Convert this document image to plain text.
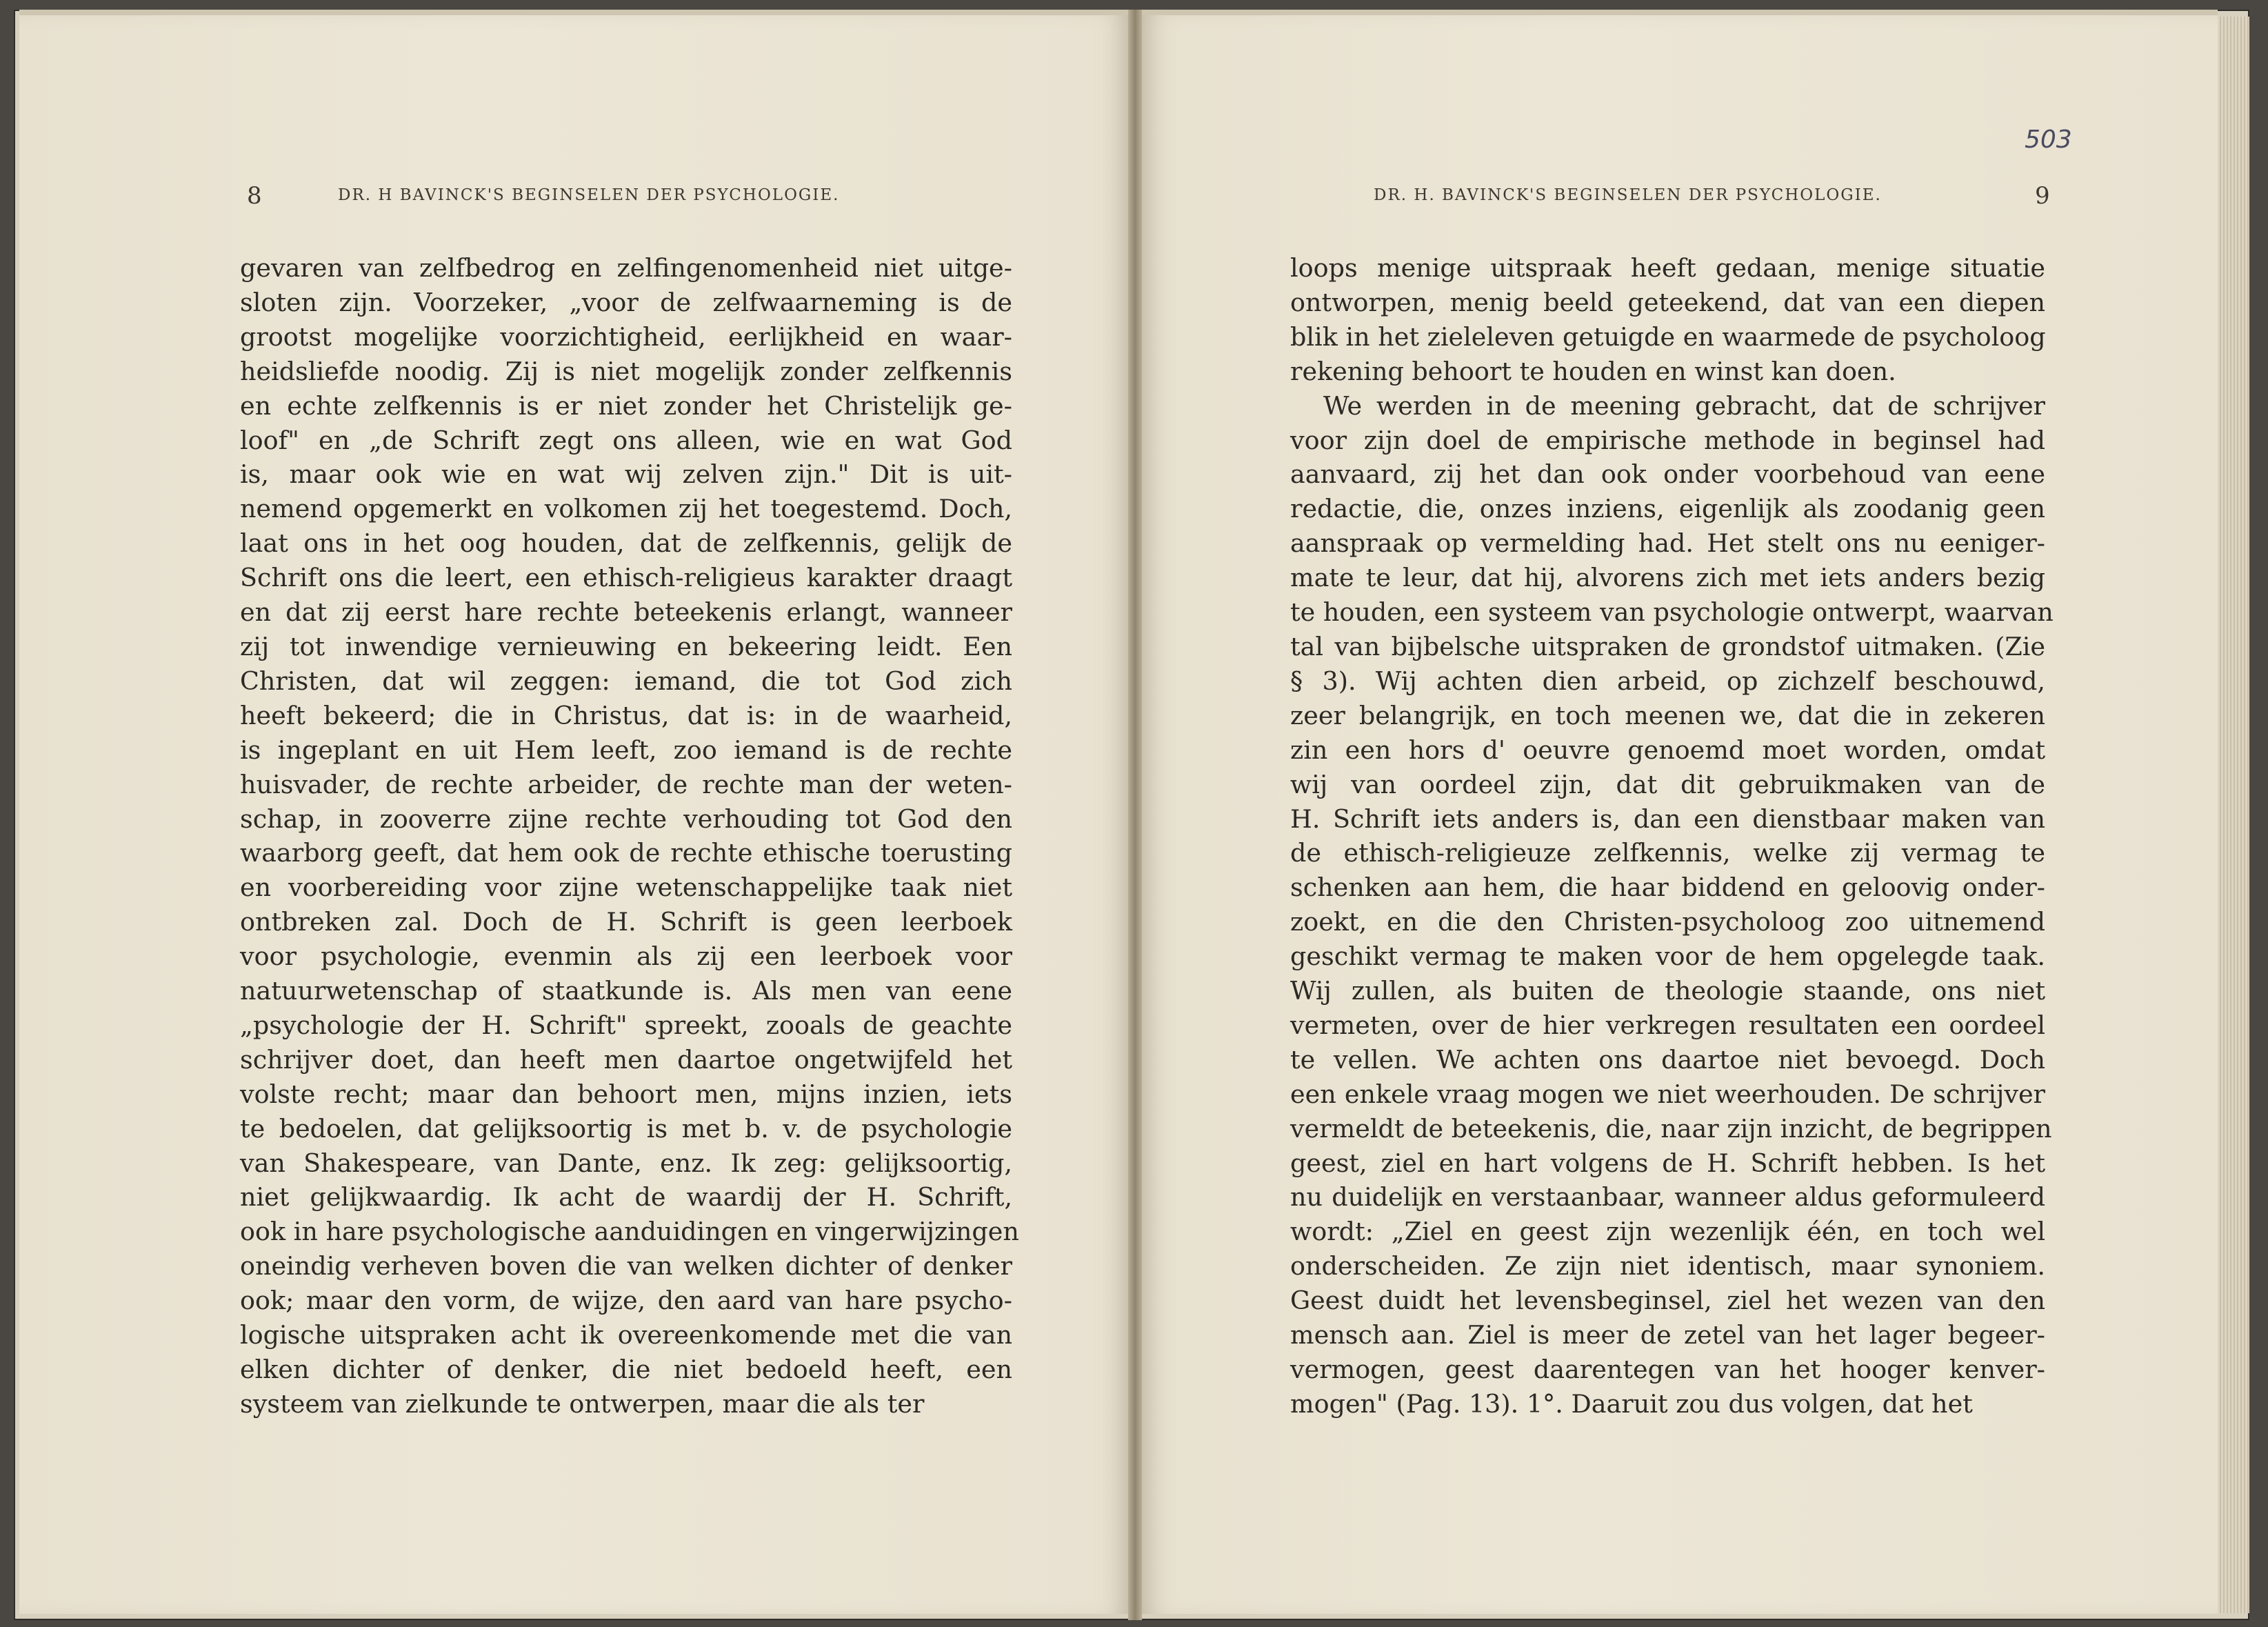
8	DR. H BAVINCK'S BEGINSELEN DER PSYCHOLOGIE.
gevaren van zelfbedrog en zelfingenomenheid niet uitge-
sloten zijn. Voorzeker, „voor de zelfwaarneming is de
grootst mogelijke voorzichtigheid, eerlijkheid en waar-
heidsliefde noodig. Zij is niet mogelijk zonder zelfkennis
en echte zelfkennis is er niet zonder het Christelijk ge-
loof" en „de Schrift zegt ons alleen, wie en wat God
is, maar ook wie en wat wij zelven zijn." Dit is uit-
nemend opgemerkt en volkomen zij het toegestemd. Doch,
laat ons in het oog houden, dat de zelfkennis, gelijk de
Schrift ons die leert, een ethisch-religieus karakter draagt
en dat zij eerst hare rechte beteekenis erlangt, wanneer
zij tot inwendige vernieuwing en bekeering leidt. Een
Christen, dat wil zeggen: iemand, die tot God zich
heeft bekeerd; die in Christus, dat is: in de waarheid,
is ingeplant en uit Hem leeft, zoo iemand is de rechte
huisvader, de rechte arbeider, de rechte man der weten-
schap, in zooverre zijne rechte verhouding tot God den
waarborg geeft, dat hem ook de rechte ethische toerusting
en voorbereiding voor zijne wetenschappelijke taak niet
ontbreken zal. Doch de H. Schrift is geen leerboek
voor psychologie, evenmin als zij een leerboek voor
natuurwetenschap of staatkunde is. Als men van eene
„psychologie der H. Schrift" spreekt, zooals de geachte
schrijver doet, dan heeft men daartoe ongetwijfeld het
volste recht; maar dan behoort men, mijns inzien, iets
te bedoelen, dat gelijksoortig is met b. v. de psychologie
van Shakespeare, van Dante, enz. Ik zeg: gelijksoortig,
niet gelijkwaardig. Ik acht de waardij der H. Schrift,
ook in hare psychologische aanduidingen en vingerwijzingen
oneindig verheven boven die van welken dichter of denker
ook; maar den vorm, de wijze, den aard van hare psycho-
logische uitspraken acht ik overeenkomende met die van
elken dichter of denker, die niet bedoeld heeft, een
systeem van zielkunde te ontwerpen, maar die als ter
503
DR. H. BAVINCK'S BEGINSELEN DER PSYCHOLOGIE.	9
loops menige uitspraak heeft gedaan, menige situatie
ontworpen, menig beeld geteekend, dat van een diepen
blik in het zieleleven getuigde en waarmede de psycholoog
rekening behoort te houden en winst kan doen.
We werden in de meening gebracht, dat de schrijver
voor zijn doel de empirische methode in beginsel had
aanvaard, zij het dan ook onder voorbehoud van eene
redactie, die, onzes inziens, eigenlijk als zoodanig geen
aanspraak op vermelding had. Het stelt ons nu eeniger-
mate te leur, dat hij, alvorens zich met iets anders bezig
te houden, een systeem van psychologie ontwerpt, waarvan
tal van bijbelsche uitspraken de grondstof uitmaken. (Zie
§ 3). Wij achten dien arbeid, op zichzelf beschouwd,
zeer belangrijk, en toch meenen we, dat die in zekeren
zin een hors d' oeuvre genoemd moet worden, omdat
wij van oordeel zijn, dat dit gebruikmaken van de
H. Schrift iets anders is, dan een dienstbaar maken van
de ethisch-religieuze zelfkennis, welke zij vermag te
schenken aan hem, die haar biddend en geloovig onder-
zoekt, en die den Christen-psycholoog zoo uitnemend
geschikt vermag te maken voor de hem opgelegde taak.
Wij zullen, als buiten de theologie staande, ons niet
vermeten, over de hier verkregen resultaten een oordeel
te vellen. We achten ons daartoe niet bevoegd. Doch
een enkele vraag mogen we niet weerhouden. De schrijver
vermeldt de beteekenis, die, naar zijn inzicht, de begrippen
geest, ziel en hart volgens de H. Schrift hebben. Is het
nu duidelijk en verstaanbaar, wanneer aldus geformuleerd
wordt: „Ziel en geest zijn wezenlijk één, en toch wel
onderscheiden. Ze zijn niet identisch, maar synoniem.
Geest duidt het levensbeginsel, ziel het wezen van den
mensch aan. Ziel is meer de zetel van het lager begeer-
vermogen, geest daarentegen van het hooger kenver-
mogen" (Pag. 13). 1°. Daaruit zou dus volgen, dat het
